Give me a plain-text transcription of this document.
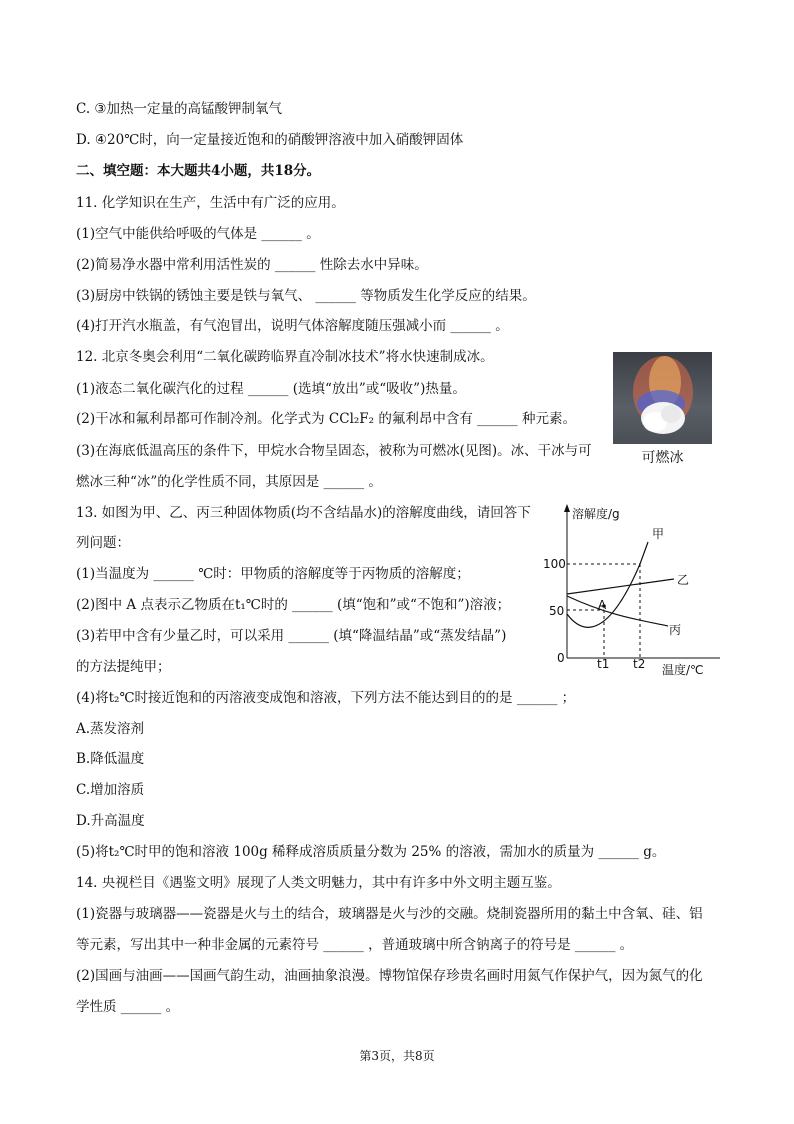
C. ③加热一定量的高锰酸钾制氧气
D. ④20℃时，向一定量接近饱和的硝酸钾溶液中加入硝酸钾固体
二、填空题：本大题共4小题，共18分。
11. 化学知识在生产，生活中有广泛的应用。
(1)空气中能供给呼吸的气体是 ______ 。
(2)简易净水器中常利用活性炭的 ______ 性除去水中异味。
(3)厨房中铁锅的锈蚀主要是铁与氧气、 ______ 等物质发生化学反应的结果。
(4)打开汽水瓶盖，有气泡冒出，说明气体溶解度随压强减小而 ______ 。
12. 北京冬奥会利用“二氧化碳跨临界直冷制冰技术”将水快速制成冰。
(1)液态二氧化碳汽化的过程 ______ (选填“放出”或“吸收”)热量。
(2)干冰和氟利昂都可作制冷剂。化学式为 CCl₂F₂ 的氟利昂中含有 ______ 种元素。
(3)在海底低温高压的条件下，甲烷水合物呈固态，被称为可燃冰(见图)。冰、干冰与可
燃冰三种“冰”的化学性质不同，其原因是 ______ 。
13. 如图为甲、乙、丙三种固体物质(均不含结晶水)的溶解度曲线，请回答下
列问题：
(1)当温度为 ______ ℃时：甲物质的溶解度等于丙物质的溶解度；
(2)图中 A 点表示乙物质在t₁℃时的 ______ (填“饱和”或“不饱和”)溶液；
(3)若甲中含有少量乙时，可以采用 ______ (填“降温结晶”或“蒸发结晶”)
的方法提纯甲；
(4)将t₂℃时接近饱和的丙溶液变成饱和溶液，下列方法不能达到目的的是 ______ ；
A.蒸发溶剂
B.降低温度
C.增加溶质
D.升高温度
(5)将t₂℃时甲的饱和溶液 100g 稀释成溶质质量分数为 25% 的溶液，需加水的质量为 ______ g。
14. 央视栏目《遇鉴文明》展现了人类文明魅力，其中有许多中外文明主题互鉴。
(1)瓷器与玻璃器——瓷器是火与土的结合，玻璃器是火与沙的交融。烧制瓷器所用的黏土中含氧、硅、铝
等元素，写出其中一种非金属的元素符号 ______ ，普通玻璃中所含钠离子的符号是 ______ 。
(2)国画与油画——国画气韵生动，油画抽象浪漫。博物馆保存珍贵名画时用氮气作保护气，因为氮气的化
学性质 ______ 。
可燃冰
溶解度/g
温度/℃
100
50
0	t1 t2
A
甲
乙
丙
第3页，共8页
